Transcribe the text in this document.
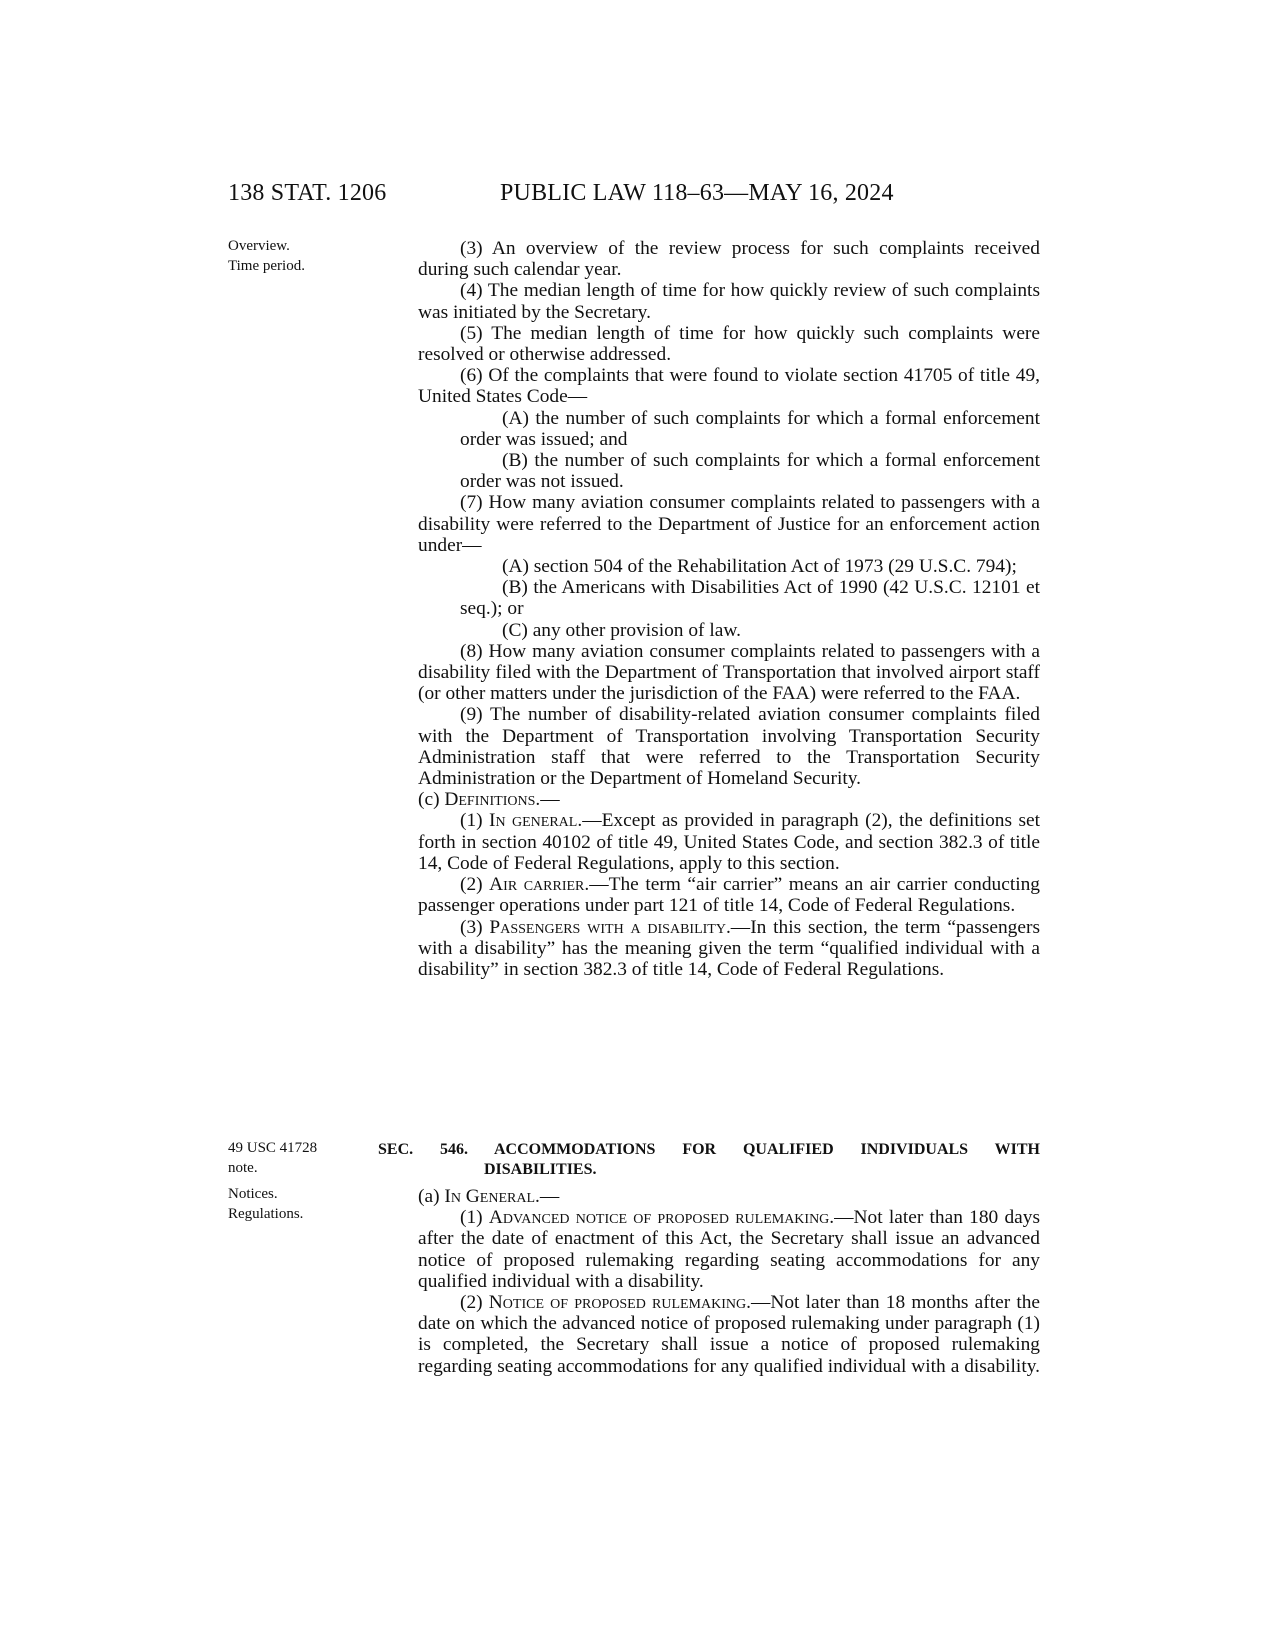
138 STAT. 1206	PUBLIC LAW 118–63—MAY 16, 2024
Overview.
Time period.

(3) An overview of the review process for such complaints received during such calendar year.

(4) The median length of time for how quickly review of such complaints was initiated by the Secretary.

(5) The median length of time for how quickly such complaints were resolved or otherwise addressed.

(6) Of the complaints that were found to violate section 41705 of title 49, United States Code—

(A) the number of such complaints for which a formal enforcement order was issued; and

(B) the number of such complaints for which a formal enforcement order was not issued.

(7) How many aviation consumer complaints related to passengers with a disability were referred to the Department of Justice for an enforcement action under—

(A) section 504 of the Rehabilitation Act of 1973 (29 U.S.C. 794);

(B) the Americans with Disabilities Act of 1990 (42 U.S.C. 12101 et seq.); or

(C) any other provision of law.

(8) How many aviation consumer complaints related to passengers with a disability filed with the Department of Transportation that involved airport staff (or other matters under the jurisdiction of the FAA) were referred to the FAA.

(9) The number of disability-related aviation consumer complaints filed with the Department of Transportation involving Transportation Security Administration staff that were referred to the Transportation Security Administration or the Department of Homeland Security.

(c) Definitions.—

(1) In general.—Except as provided in paragraph (2), the definitions set forth in section 40102 of title 49, United States Code, and section 382.3 of title 14, Code of Federal Regulations, apply to this section.

(2) Air carrier.—The term “air carrier” means an air carrier conducting passenger operations under part 121 of title 14, Code of Federal Regulations.

(3) Passengers with a disability.—In this section, the term “passengers with a disability” has the meaning given the term “qualified individual with a disability” in section 382.3 of title 14, Code of Federal Regulations.

49 USC 41728
note.
SEC. 546. ACCOMMODATIONS FOR QUALIFIED INDIVIDUALS WITH
DISABILITIES.
Notices.
Regulations.

(a) In General.—

(1) Advanced notice of proposed rulemaking.—Not later than 180 days after the date of enactment of this Act, the Secretary shall issue an advanced notice of proposed rulemaking regarding seating accommodations for any qualified individual with a disability.

(2) Notice of proposed rulemaking.—Not later than 18 months after the date on which the advanced notice of proposed rulemaking under paragraph (1) is completed, the Secretary shall issue a notice of proposed rulemaking regarding seating accommodations for any qualified individual with a disability.
